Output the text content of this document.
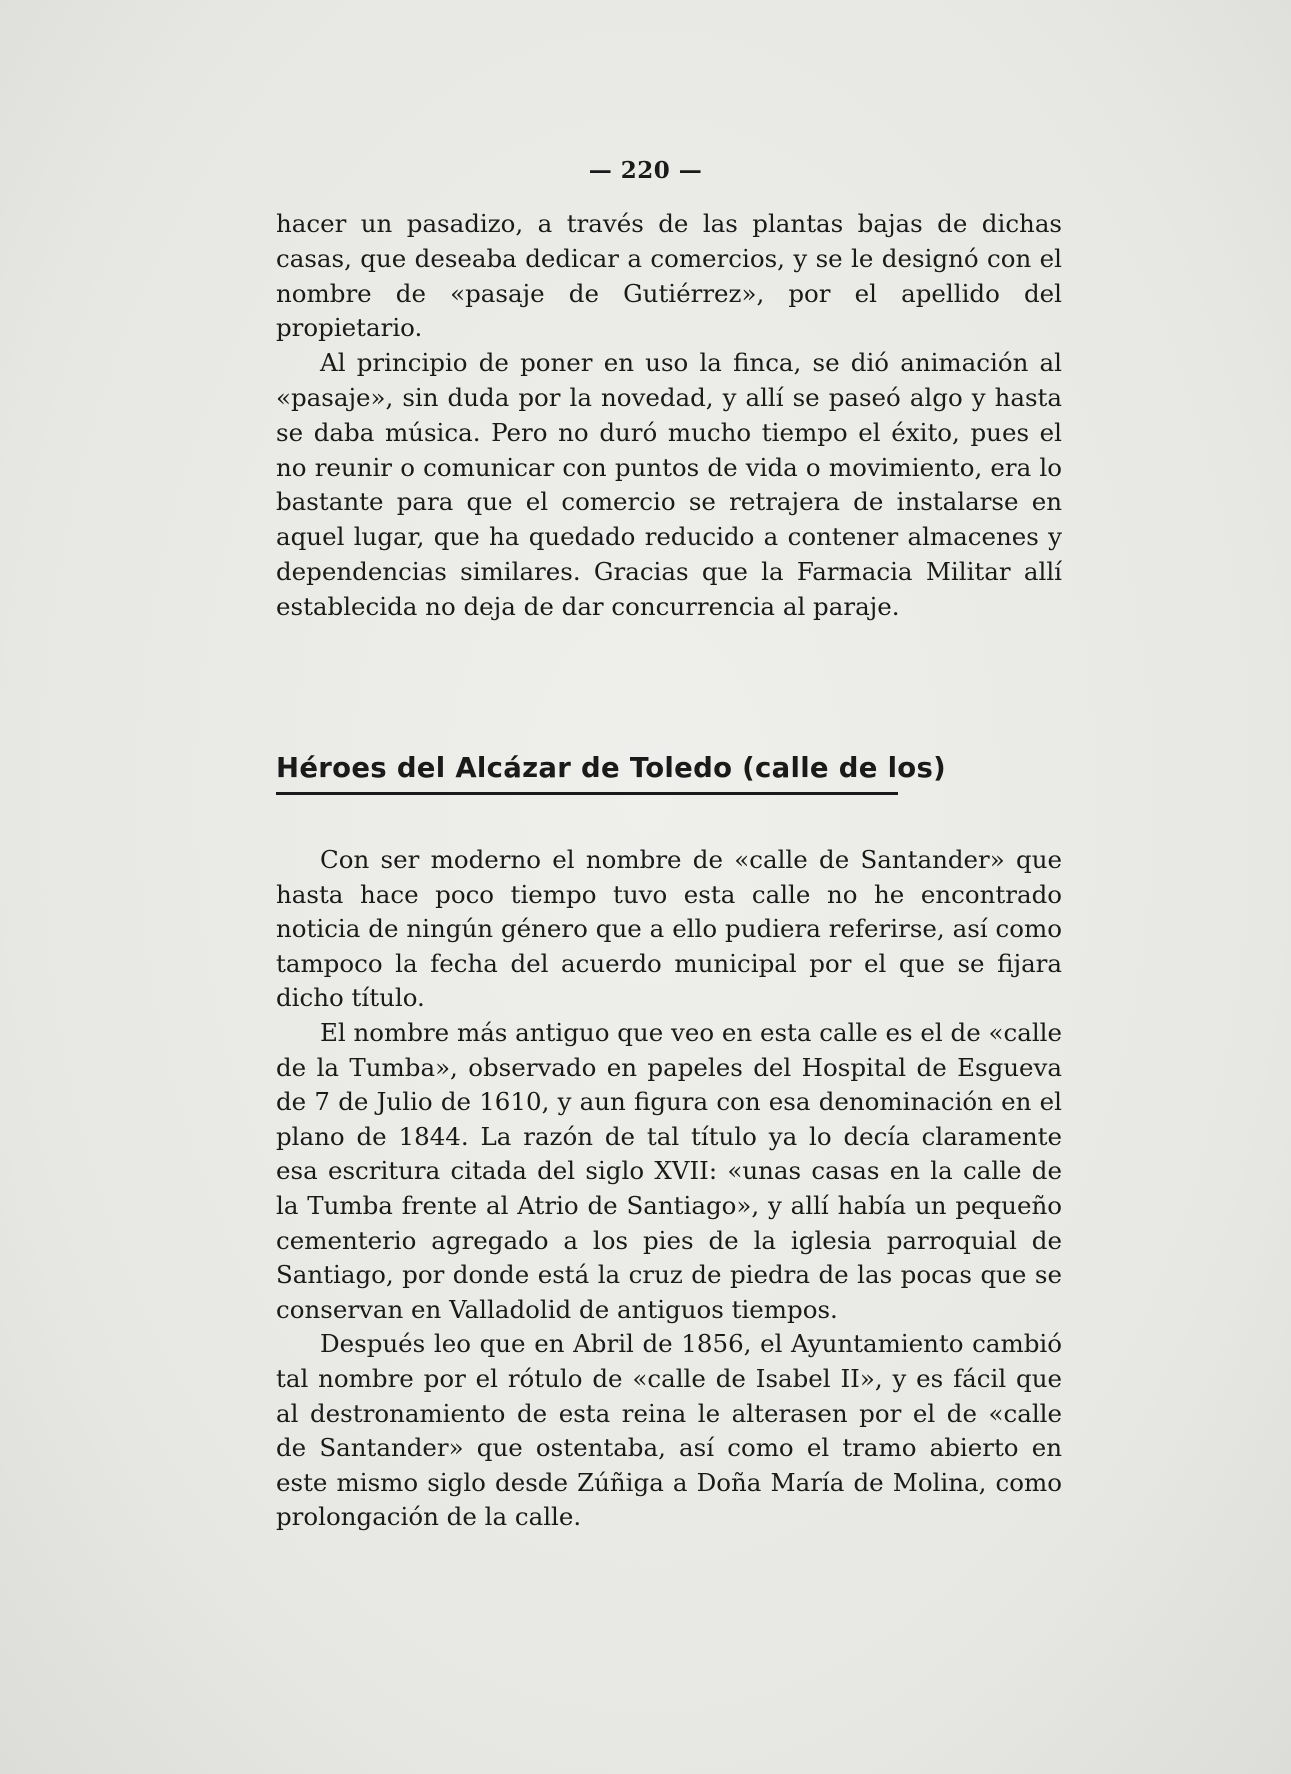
— 220 —

hacer un pasadizo, a través de las plantas bajas de dichas casas, que deseaba dedicar a comercios, y se le designó con el nombre de «pasaje de Gutiérrez», por el apellido del propietario.

Al principio de poner en uso la finca, se dió animación al «pasaje», sin duda por la novedad, y allí se paseó algo y hasta se daba música. Pero no duró mucho tiempo el éxito, pues el no reunir o comunicar con puntos de vida o movimiento, era lo bastante para que el comercio se retrajera de instalarse en aquel lugar, que ha quedado reducido a contener almacenes y dependencias similares. Gracias que la Farmacia Militar allí establecida no deja de dar concurrencia al paraje.

Héroes del Alcázar de Toledo (calle de los)

Con ser moderno el nombre de «calle de Santander» que hasta hace poco tiempo tuvo esta calle no he encontrado noticia de ningún género que a ello pudiera referirse, así como tampoco la fecha del acuerdo municipal por el que se fijara dicho título.

El nombre más antiguo que veo en esta calle es el de «calle de la Tumba», observado en papeles del Hospital de Esgueva de 7 de Julio de 1610, y aun figura con esa denominación en el plano de 1844. La razón de tal título ya lo decía claramente esa escritura citada del siglo XVII: «unas casas en la calle de la Tumba frente al Atrio de Santiago», y allí había un pequeño cementerio agregado a los pies de la iglesia parroquial de Santiago, por donde está la cruz de piedra de las pocas que se conservan en Valladolid de antiguos tiempos.

Después leo que en Abril de 1856, el Ayuntamiento cambió tal nombre por el rótulo de «calle de Isabel II», y es fácil que al destronamiento de esta reina le alterasen por el de «calle de Santander» que ostentaba, así como el tramo abierto en este mismo siglo desde Zúñiga a Doña María de Molina, como prolongación de la calle.
